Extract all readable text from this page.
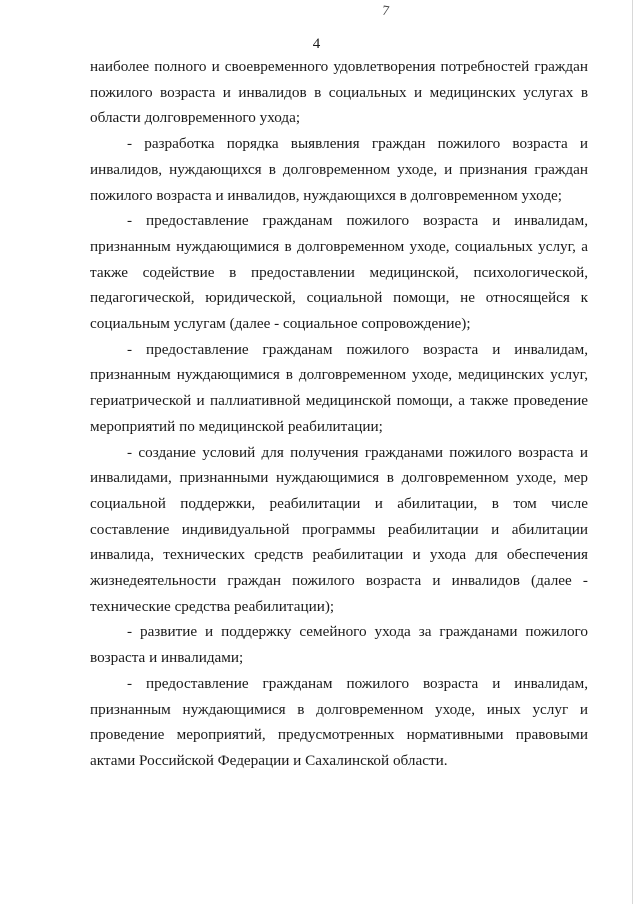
7
4

наиболее полного и своевременного удовлетворения потребностей граждан пожилого возраста и инвалидов в социальных и медицинских услугах в области долговременного ухода;

- разработка порядка выявления граждан пожилого возраста и инвалидов, нуждающихся в долговременном уходе, и признания граждан пожилого возраста и инвалидов, нуждающихся в долговременном уходе;

- предоставление гражданам пожилого возраста и инвалидам, признанным нуждающимися в долговременном уходе, социальных услуг, а также содействие в предоставлении медицинской, психологической, педагогической, юридической, социальной помощи, не относящейся к социальным услугам (далее - социальное сопровождение);

- предоставление гражданам пожилого возраста и инвалидам, признанным нуждающимися в долговременном уходе, медицинских услуг, гериатрической и паллиативной медицинской помощи, а также проведение мероприятий по медицинской реабилитации;

- создание условий для получения гражданами пожилого возраста и инвалидами, признанными нуждающимися в долговременном уходе, мер социальной поддержки, реабилитации и абилитации, в том числе составление индивидуальной программы реабилитации и абилитации инвалида, технических средств реабилитации и ухода для обеспечения жизнедеятельности граждан пожилого возраста и инвалидов (далее - технические средства реабилитации);

- развитие и поддержку семейного ухода за гражданами пожилого возраста и инвалидами;

- предоставление гражданам пожилого возраста и инвалидам, признанным нуждающимися в долговременном уходе, иных услуг и проведение мероприятий, предусмотренных нормативными правовыми актами Российской Федерации и Сахалинской области.
